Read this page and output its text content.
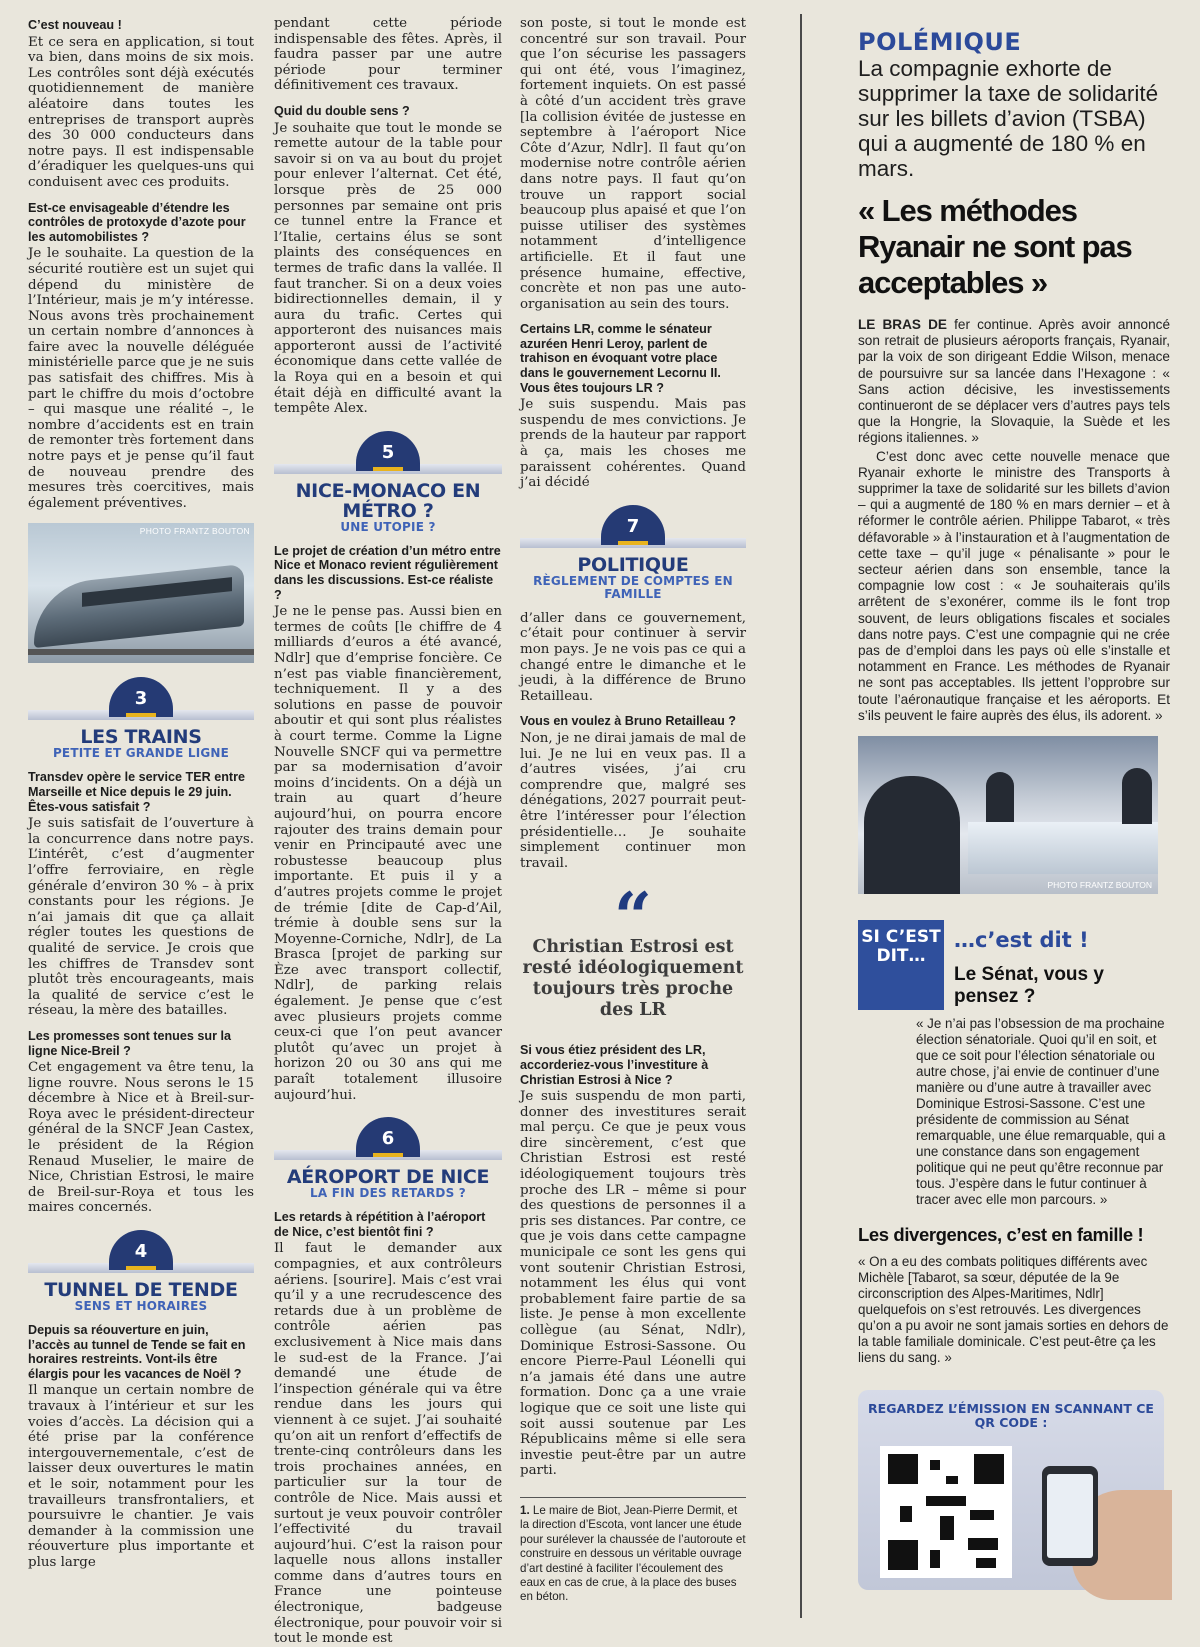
C’est nouveau !

Et ce sera en application, si tout va bien, dans moins de six mois. Les contrôles sont déjà exécutés quotidiennement de manière aléatoire dans toutes les entreprises de transport auprès des 30 000 conducteurs dans notre pays. Il est indispensable d’éradiquer les quelques-uns qui conduisent avec ces produits.

Est-ce envisageable d’étendre les contrôles de protoxyde d’azote pour les automobilistes ?

Je le souhaite. La question de la sécurité routière est un sujet qui dépend du ministère de l’Intérieur, mais je m’y intéresse. Nous avons très prochainement un certain nombre d’annonces à faire avec la nouvelle déléguée ministérielle parce que je ne suis pas satisfait des chiffres. Mis à part le chiffre du mois d’octobre – qui masque une réalité –, le nombre d’accidents est en train de remonter très fortement dans notre pays et je pense qu’il faut de nouveau prendre des mesures très coercitives, mais également préventives.

PHOTO FRANTZ BOUTON
3
LES TRAINS
PETITE ET GRANDE LIGNE
Transdev opère le service TER entre Marseille et Nice depuis le 29 juin. Êtes-vous satisfait ?

Je suis satisfait de l’ouverture à la concurrence dans notre pays. L’intérêt, c’est d’augmenter l’offre ferroviaire, en règle générale d’environ 30 % – à prix constants pour les régions. Je n’ai jamais dit que ça allait régler toutes les questions de qualité de service. Je crois que les chiffres de Transdev sont plutôt très encourageants, mais la qualité de service c’est le réseau, la mère des batailles.

Les promesses sont tenues sur la ligne Nice-Breil ?

Cet engagement va être tenu, la ligne rouvre. Nous serons le 15 décembre à Nice et à Breil-sur-Roya avec le président-directeur général de la SNCF Jean Castex, le président de la Région Renaud Muselier, le maire de Nice, Christian Estrosi, le maire de Breil-sur-Roya et tous les maires concernés.

4
TUNNEL DE TENDE
SENS ET HORAIRES
Depuis sa réouverture en juin, l’accès au tunnel de Tende se fait en horaires restreints. Vont-ils être élargis pour les vacances de Noël ?

Il manque un certain nombre de travaux à l’intérieur et sur les voies d’accès. La décision qui a été prise par la conférence intergouvernementale, c’est de laisser deux ouvertures le matin et le soir, notamment pour les travailleurs transfrontaliers, et poursuivre le chantier. Je vais demander à la commission une réouverture plus importante et plus large

pendant cette période indispensable des fêtes. Après, il faudra passer par une autre période pour terminer définitivement ces travaux.

Quid du double sens ?

Je souhaite que tout le monde se remette autour de la table pour savoir si on va au bout du projet pour enlever l’alternat. Cet été, lorsque près de 25 000 personnes par semaine ont pris ce tunnel entre la France et l’Italie, certains élus se sont plaints des conséquences en termes de trafic dans la vallée. Il faut trancher. Si on a deux voies bidirectionnelles demain, il y aura du trafic. Certes qui apporteront des nuisances mais apporteront aussi de l’activité économique dans cette vallée de la Roya qui en a besoin et qui était déjà en difficulté avant la tempête Alex.

5
NICE-MONACO EN MÉTRO ?
UNE UTOPIE ?
Le projet de création d’un métro entre Nice et Monaco revient régulièrement dans les discussions. Est-ce réaliste ?

Je ne le pense pas. Aussi bien en termes de coûts [le chiffre de 4 milliards d’euros a été avancé, Ndlr] que d’emprise foncière. Ce n’est pas viable financièrement, techniquement. Il y a des solutions en passe de pouvoir aboutir et qui sont plus réalistes à court terme. Comme la Ligne Nouvelle SNCF qui va permettre par sa modernisation d’avoir moins d’incidents. On a déjà un train au quart d’heure aujourd’hui, on pourra encore rajouter des trains demain pour venir en Principauté avec une robustesse beaucoup plus importante. Et puis il y a d’autres projets comme le projet de trémie [dite de Cap-d’Ail, trémie à double sens sur la Moyenne-Corniche, Ndlr], de La Brasca [projet de parking sur Èze avec transport collectif, Ndlr], de parking relais également. Je pense que c’est avec plusieurs projets comme ceux-ci que l’on peut avancer plutôt qu’avec un projet à horizon 20 ou 30 ans qui me paraît totalement illusoire aujourd’hui.

6
AÉROPORT DE NICE
LA FIN DES RETARDS ?
Les retards à répétition à l’aéroport de Nice, c’est bientôt fini ?

Il faut le demander aux compagnies, et aux contrôleurs aériens. [sourire]. Mais c’est vrai qu’il y a une recrudescence des retards due à un problème de contrôle aérien pas exclusivement à Nice mais dans le sud-est de la France. J’ai demandé une étude de l’inspection générale qui va être rendue dans les jours qui viennent à ce sujet. J’ai souhaité qu’on ait un renfort d’effectifs de trente-cinq contrôleurs dans les trois prochaines années, en particulier sur la tour de contrôle de Nice. Mais aussi et surtout je veux pouvoir contrôler l’effectivité du travail aujourd’hui. C’est la raison pour laquelle nous allons installer comme dans d’autres tours en France une pointeuse électronique, badgeuse électronique, pour pouvoir voir si tout le monde est

son poste, si tout le monde est concentré sur son travail. Pour que l’on sécurise les passagers qui ont été, vous l’imaginez, fortement inquiets. On est passé à côté d’un accident très grave [la collision évitée de justesse en septembre à l’aéroport Nice Côte d’Azur, Ndlr]. Il faut qu’on modernise notre contrôle aérien dans notre pays. Il faut qu’on trouve un rapport social beaucoup plus apaisé et que l’on puisse utiliser des systèmes notamment d’intelligence artificielle. Et il faut une présence humaine, effective, concrète et non pas une auto-organisation au sein des tours.

Certains LR, comme le sénateur azuréen Henri Leroy, parlent de trahison en évoquant votre place dans le gouvernement Lecornu II. Vous êtes toujours LR ?

Je suis suspendu. Mais pas suspendu de mes convictions. Je prends de la hauteur par rapport à ça, mais les choses me paraissent cohérentes. Quand j’ai décidé

7
POLITIQUE
RÈGLEMENT DE COMPTES EN FAMILLE

d’aller dans ce gouvernement, c’était pour continuer à servir mon pays. Je ne vois pas ce qui a changé entre le dimanche et le jeudi, à la différence de Bruno Retailleau.

Vous en voulez à Bruno Retailleau ?

Non, je ne dirai jamais de mal de lui. Je ne lui en veux pas. Il a d’autres visées, j’ai cru comprendre que, malgré ses dénégations, 2027 pourrait peut-être l’intéresser pour l’élection présidentielle… Je souhaite simplement continuer mon travail.

“
Christian Estrosi est resté idéologiquement toujours très proche des LR
Si vous étiez président des LR, accorderiez-vous l’investiture à Christian Estrosi à Nice ?

Je suis suspendu de mon parti, donner des investitures serait mal perçu. Ce que je peux vous dire sincèrement, c’est que Christian Estrosi est resté idéologiquement toujours très proche des LR – même si pour des questions de personnes il a pris ses distances. Par contre, ce que je vois dans cette campagne municipale ce sont les gens qui vont soutenir Christian Estrosi, notamment les élus qui vont probablement faire partie de sa liste. Je pense à mon excellente collègue (au Sénat, Ndlr), Dominique Estrosi-Sassone. Ou encore Pierre-Paul Léonelli qui n’a jamais été dans une autre formation. Donc ça a une vraie logique que ce soit une liste qui soit aussi soutenue par Les Républicains même si elle sera investie peut-être par un autre parti.

1. Le maire de Biot, Jean-Pierre Dermit, et la direction d’Escota, vont lancer une étude pour surélever la chaussée de l’autoroute et construire en dessous un véritable ouvrage d’art destiné à faciliter l’écoulement des eaux en cas de crue, à la place des buses en béton.
POLÉMIQUE
La compagnie exhorte de supprimer la taxe de solidarité sur les billets d’avion (TSBA) qui a augmenté de 180 % en mars.
« Les méthodes Ryanair ne sont pas acceptables »

LE BRAS DE fer continue. Après avoir annoncé son retrait de plusieurs aéroports français, Ryanair, par la voix de son dirigeant Eddie Wilson, menace de poursuivre sur sa lancée dans l’Hexagone : « Sans action décisive, les investissements continueront de se déplacer vers d’autres pays tels que la Hongrie, la Slovaquie, la Suède et les régions italiennes. »

C’est donc avec cette nouvelle menace que Ryanair exhorte le ministre des Transports à supprimer la taxe de solidarité sur les billets d’avion – qui a augmenté de 180 % en mars dernier – et à réformer le contrôle aérien. Philippe Tabarot, « très défavorable » à l’instauration et à l’augmentation de cette taxe – qu’il juge « pénalisante » pour le secteur aérien dans son ensemble, tance la compagnie low cost : « Je souhaiterais qu’ils arrêtent de s’exonérer, comme ils le font trop souvent, de leurs obligations fiscales et sociales dans notre pays. C’est une compagnie qui ne crée pas de d’emploi dans les pays où elle s’installe et notamment en France. Les méthodes de Ryanair ne sont pas acceptables. Ils jettent l’opprobre sur toute l’aéronautique française et les aéroports. Et s’ils peuvent le faire auprès des élus, ils adorent. »

PHOTO FRANTZ BOUTON
SI C’EST DIT…
…c’est dit !
Le Sénat, vous y pensez ?
« Je n’ai pas l’obsession de ma prochaine élection sénatoriale. Quoi qu’il en soit, et que ce soit pour l’élection sénatoriale ou autre chose, j’ai envie de continuer d’une manière ou d’une autre à travailler avec Dominique Estrosi-Sassone. C’est une présidente de commission au Sénat remarquable, une élue remarquable, qui a une constance dans son engagement politique qui ne peut qu’être reconnue par tous. J’espère dans le futur continuer à tracer avec elle mon parcours. »
Les divergences, c’est en famille !
« On a eu des combats politiques différents avec Michèle [Tabarot, sa sœur, députée de la 9e circonscription des Alpes-Maritimes, Ndlr] quelquefois on s’est retrouvés. Les divergences qu’on a pu avoir ne sont jamais sorties en dehors de la table familiale dominicale. C’est peut-être ça les liens du sang. »
REGARDEZ L’ÉMISSION EN SCANNANT CE QR CODE :
